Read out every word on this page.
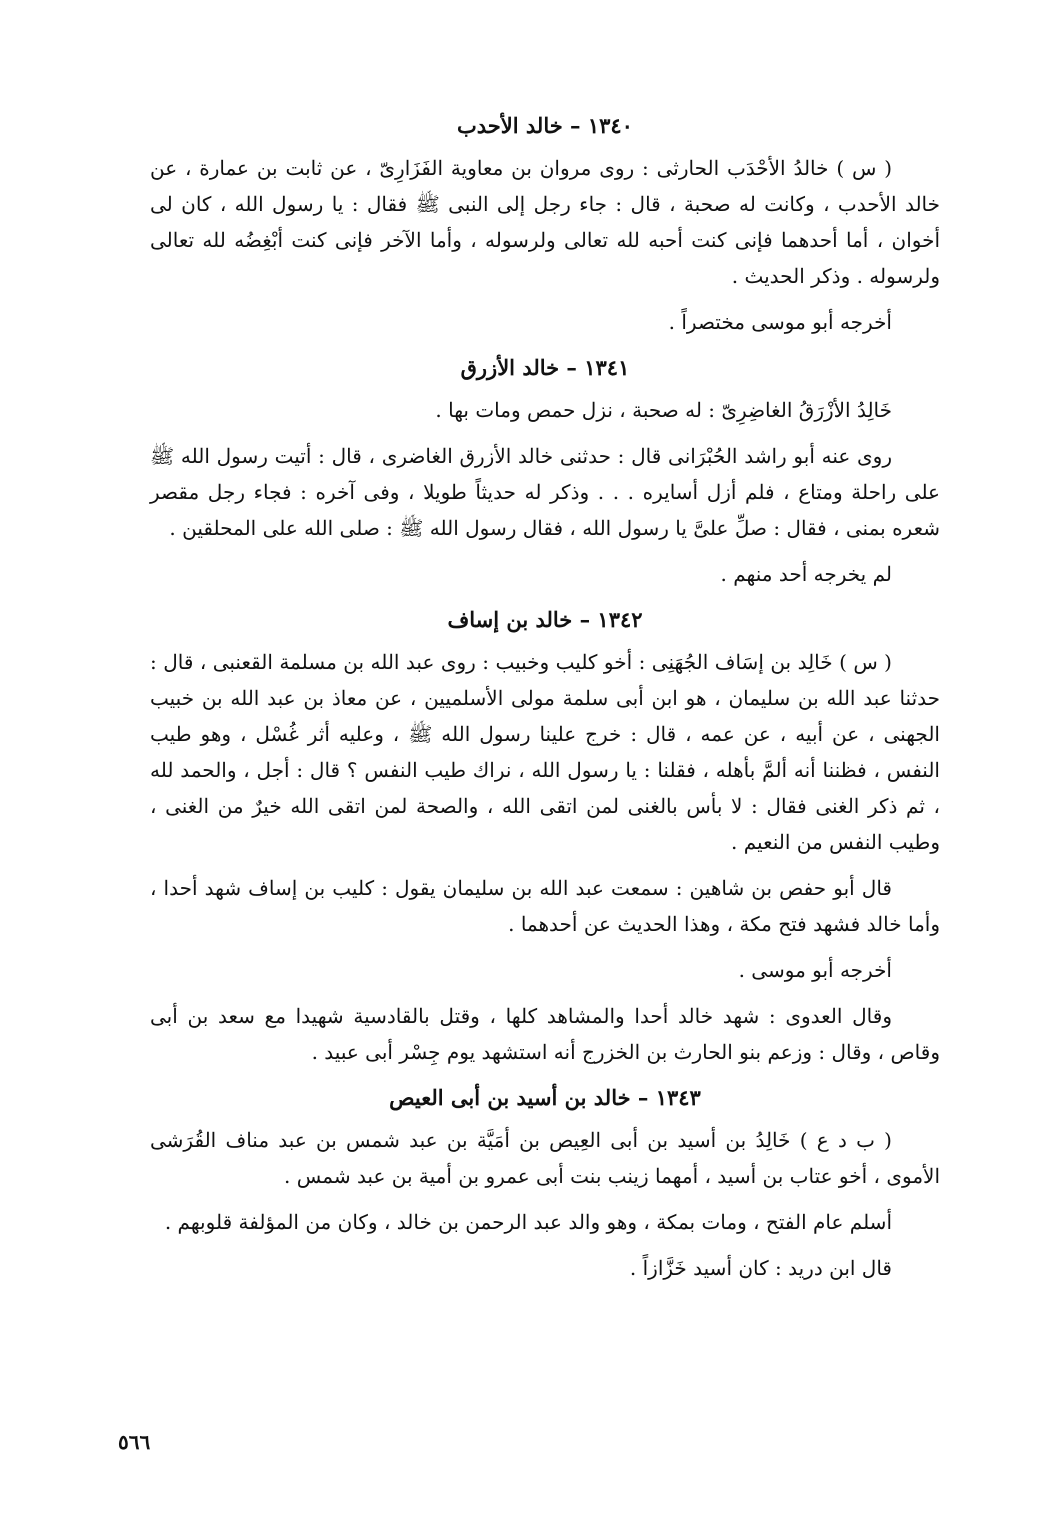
١٣٤٠ – خالد الأحدب

( س ) خالدُ الأحْدَب الحارثى : روى مروان بن معاوية الفَزَارِىّ ، عن ثابت بن عمارة ، عن خالد الأحدب ، وكانت له صحبة ، قال : جاء رجل إلى النبى ﷺ فقال : يا رسول الله ، كان لى أخوان ، أما أحدهما فإنى كنت أحبه لله تعالى ولرسوله ، وأما الآخر فإنى كنت أبْغِضُه لله تعالى ولرسوله . وذكر الحديث .

أخرجه أبو موسى مختصراً .

١٣٤١ – خالد الأزرق

خَالِدُ الأزْرَقُ الغاضِرِىّ : له صحبة ، نزل حمص ومات بها .

روى عنه أبو راشد الحُبْرَانى قال : حدثنى خالد الأزرق الغاضرى ، قال : أتيت رسول الله ﷺ على راحلة ومتاع ، فلم أزل أسايره . . . وذكر له حديثاً طويلا ، وفى آخره : فجاء رجل مقصر شعره بمنى ، فقال : صلِّ علىَّ يا رسول الله ، فقال رسول الله ﷺ : صلى الله على المحلقين .

لم يخرجه أحد منهم .

١٣٤٢ – خالد بن إساف

( س ) خَالِد بن إسَاف الجُهَنِى : أخو كليب وخبيب : روى عبد الله بن مسلمة القعنبى ، قال : حدثنا عبد الله بن سليمان ، هو ابن أبى سلمة مولى الأسلميين ، عن معاذ بن عبد الله بن خبيب الجهنى ، عن أبيه ، عن عمه ، قال : خرج علينا رسول الله ﷺ ، وعليه أثر غُسْل ، وهو طيب النفس ، فظننا أنه ألمَّ بأهله ، فقلنا : يا رسول الله ، نراك طيب النفس ؟ قال : أجل ، والحمد لله ، ثم ذكر الغنى فقال : لا بأس بالغنى لمن اتقى الله ، والصحة لمن اتقى الله خيرٌ من الغنى ، وطيب النفس من النعيم .

قال أبو حفص بن شاهين : سمعت عبد الله بن سليمان يقول : كليب بن إساف شهد أحدا ، وأما خالد فشهد فتح مكة ، وهذا الحديث عن أحدهما .

أخرجه أبو موسى .

وقال العدوى : شهد خالد أحدا والمشاهد كلها ، وقتل بالقادسية شهيدا مع سعد بن أبى وقاص ، وقال : وزعم بنو الحارث بن الخزرج أنه استشهد يوم جِسْر أبى عبيد .

١٣٤٣ – خالد بن أسيد بن أبى العيص

( ب د ع ) خَالِدُ بن أسيد بن أبى العِيص بن أمَيَّة بن عبد شمس بن عبد مناف القُرَشى الأموى ، أخو عتاب بن أسيد ، أمهما زينب بنت أبى عمرو بن أمية بن عبد شمس .

أسلم عام الفتح ، ومات بمكة ، وهو والد عبد الرحمن بن خالد ، وكان من المؤلفة قلوبهم .

قال ابن دريد : كان أسيد خَزَّازاً .

٥٦٦
